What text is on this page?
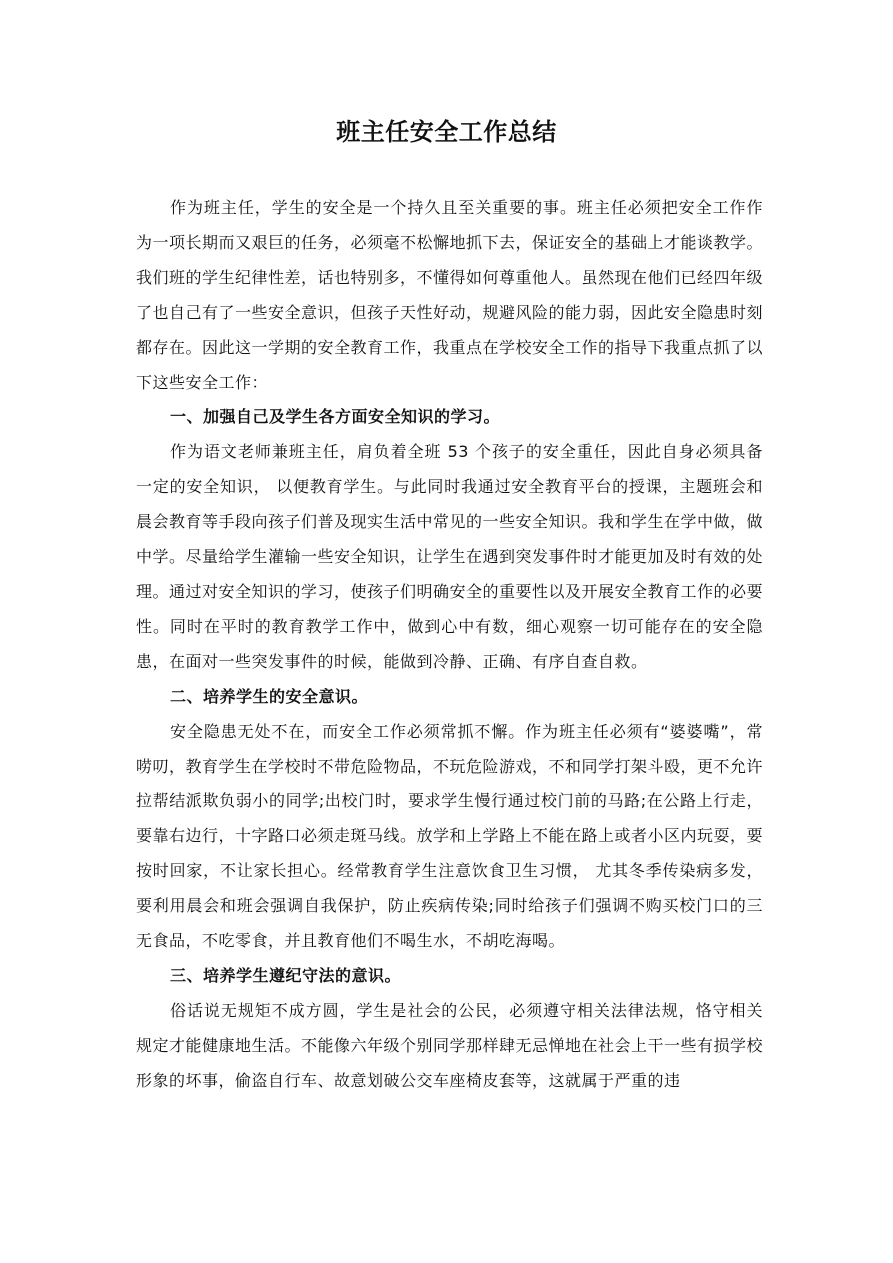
班主任安全工作总结

作为班主任，学生的安全是一个持久且至关重要的事。班主任必须把安全工作作为一项长期而又艰巨的任务，必须毫不松懈地抓下去，保证安全的基础上才能谈教学。我们班的学生纪律性差，话也特别多，不懂得如何尊重他人。虽然现在他们已经四年级了也自己有了一些安全意识，但孩子天性好动，规避风险的能力弱，因此安全隐患时刻都存在。因此这一学期的安全教育工作，我重点在学校安全工作的指导下我重点抓了以下这些安全工作：

一、加强自己及学生各方面安全知识的学习。

作为语文老师兼班主任，肩负着全班 53 个孩子的安全重任，因此自身必须具备一定的安全知识， 以便教育学生。与此同时我通过安全教育平台的授课，主题班会和晨会教育等手段向孩子们普及现实生活中常见的一些安全知识。我和学生在学中做，做中学。尽量给学生灌输一些安全知识，让学生在遇到突发事件时才能更加及时有效的处理。通过对安全知识的学习，使孩子们明确安全的重要性以及开展安全教育工作的必要性。同时在平时的教育教学工作中，做到心中有数，细心观察一切可能存在的安全隐患，在面对一些突发事件的时候，能做到冷静、正确、有序自查自救。

二、培养学生的安全意识。

安全隐患无处不在，而安全工作必须常抓不懈。作为班主任必须有“婆婆嘴”，常唠叨，教育学生在学校时不带危险物品，不玩危险游戏，不和同学打架斗殴，更不允许拉帮结派欺负弱小的同学;出校门时，要求学生慢行通过校门前的马路;在公路上行走，要靠右边行，十字路口必须走斑马线。放学和上学路上不能在路上或者小区内玩耍，要按时回家，不让家长担心。经常教育学生注意饮食卫生习惯， 尤其冬季传染病多发，要利用晨会和班会强调自我保护，防止疾病传染;同时给孩子们强调不购买校门口的三无食品，不吃零食，并且教育他们不喝生水，不胡吃海喝。

三、培养学生遵纪守法的意识。

俗话说无规矩不成方圆，学生是社会的公民，必须遵守相关法律法规，恪守相关规定才能健康地生活。不能像六年级个别同学那样肆无忌惮地在社会上干一些有损学校形象的坏事，偷盗自行车、故意划破公交车座椅皮套等，这就属于严重的违
